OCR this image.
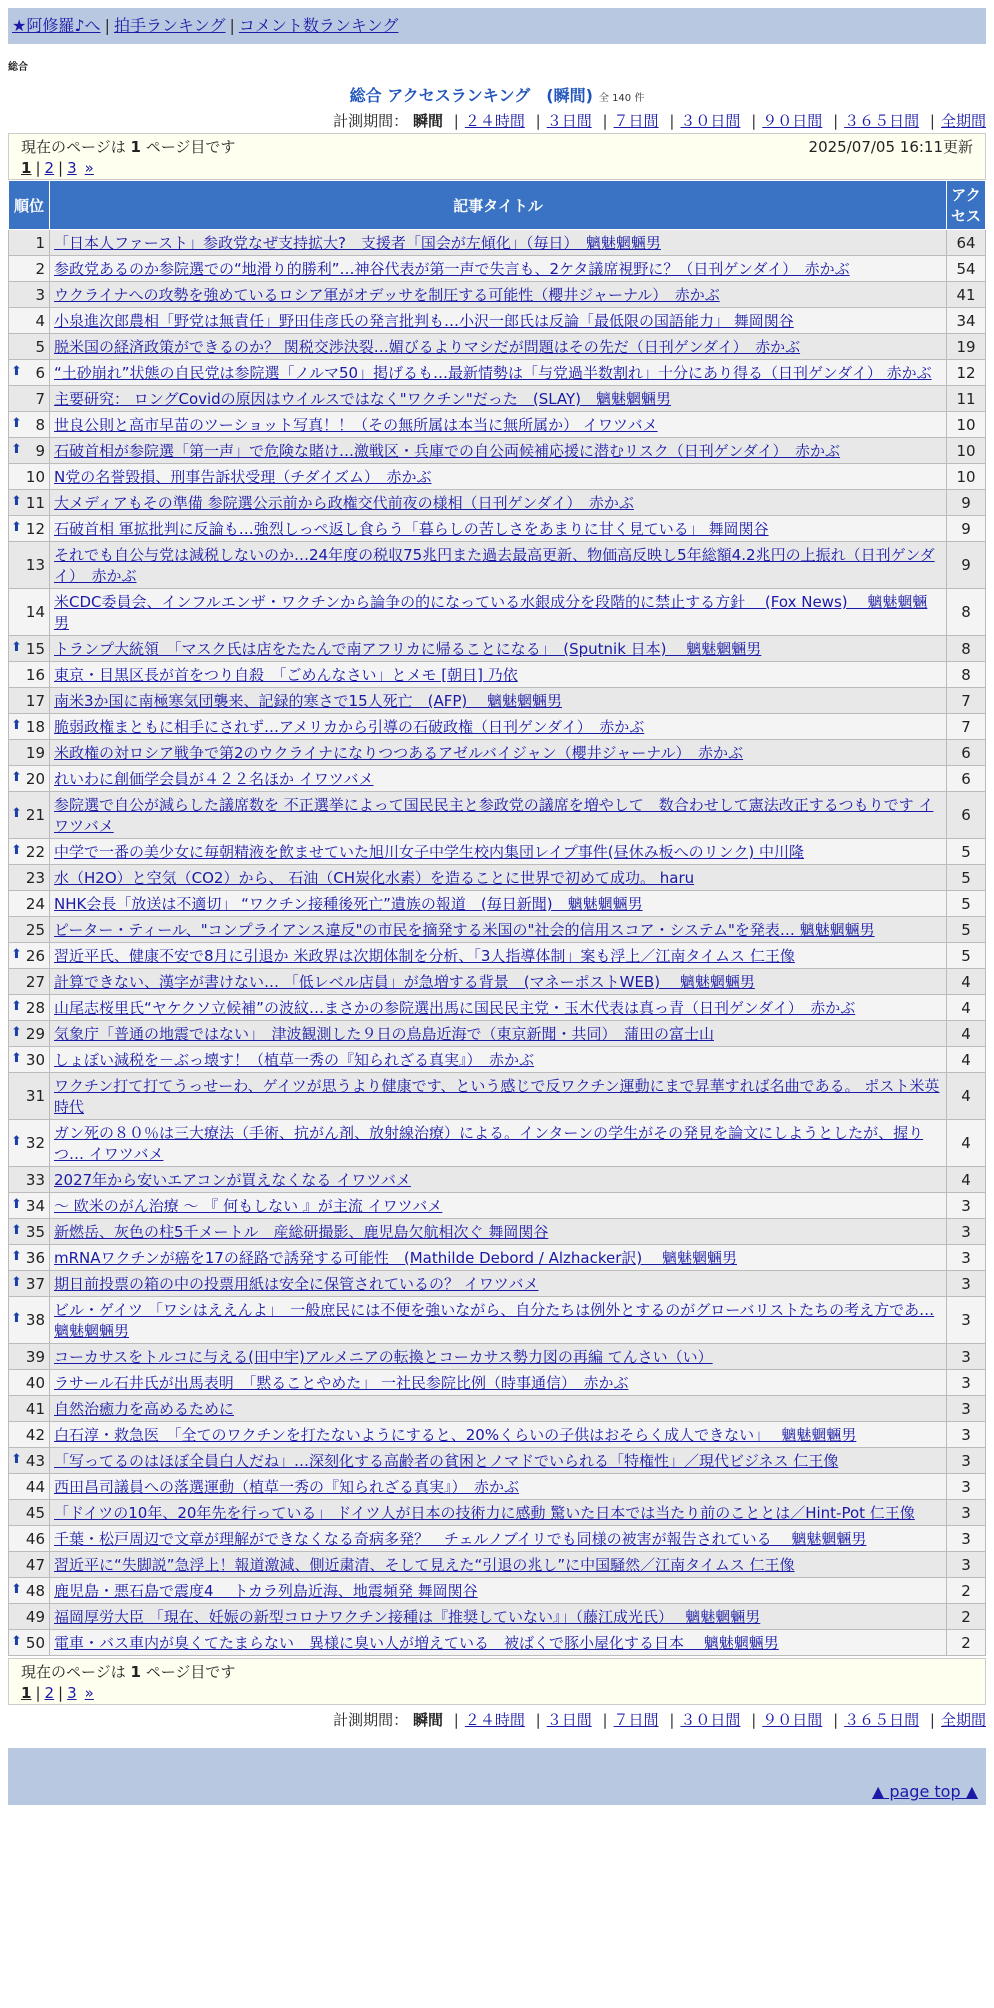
★阿修羅♪へ | 拍手ランキング | コメント数ランキング
総合
総合 アクセスランキング　(瞬間) 全 140 件
計測期間： 瞬間 | ２４時間 | ３日間 | ７日間 | ３０日間 | ９０日間 | ３６５日間 | 全期間
現在のページは 1 ページ目です	2025/07/05 16:11更新
1 | 2 | 3 »
順位	記事タイトル	アクセス
1	「日本人ファースト」参政党なぜ支持拡大?　支援者「国会が左傾化」（毎日）　魑魅魍魎男	64
2	参政党あるのか参院選での“地滑り的勝利”…神谷代表が第一声で失言も、2ケタ議席視野に？（日刊ゲンダイ）　赤かぶ	54
3	ウクライナへの攻勢を強めているロシア軍がオデッサを制圧する可能性（櫻井ジャーナル）　赤かぶ	41
4	小泉進次郎農相「野党は無責任」野田佳彦氏の発言批判も…小沢一郎氏は反論「最低限の国語能力」 舞岡関谷	34
5	脱米国の経済政策ができるのか？ 関税交渉決裂…媚びるよりマシだが問題はその先だ（日刊ゲンダイ）　赤かぶ	19

⬆ 6	“土砂崩れ”状態の自民党は参院選「ノルマ50」掲げるも…最新情勢は「与党過半数割れ」十分にあり得る（日刊ゲンダイ） 赤かぶ	12
7	主要研究： ロングCovidの原因はウイルスではなく"ワクチン"だった　(SLAY)　魑魅魍魎男	11

⬆ 8	世良公則と高市早苗のツーショット写真！！（その無所属は本当に無所属か） イワツバメ	10

⬆ 9	石破首相が参院選「第一声」で危険な賭け…激戦区・兵庫での自公両候補応援に潜むリスク（日刊ゲンダイ）　赤かぶ	10
10	N党の名誉毀損、刑事告訴状受理（チダイズム）　赤かぶ	10

⬆ 11	大メディアもその準備 参院選公示前から政権交代前夜の様相（日刊ゲンダイ）　赤かぶ	9

⬆ 12	石破首相 軍拡批判に反論も…強烈しっぺ返し食らう「暮らしの苦しさをあまりに甘く見ている」 舞岡関谷	9
13	それでも自公与党は減税しないのか…24年度の税収75兆円また過去最高更新、物価高反映し5年総額4.2兆円の上振れ（日刊ゲンダイ）　赤かぶ	9
14	米CDC委員会、インフルエンザ・ワクチンから論争の的になっている水銀成分を段階的に禁止する方針　 (Fox News) 　魑魅魍魎男	8

⬆ 15	トランプ大統領　「マスク氏は店をたたんで南アフリカに帰ることになる」　(Sputnik 日本)　 魑魅魍魎男	8
16	東京・目黒区長が首をつり自殺　「ごめんなさい」とメモ [朝日] 乃依	8
17	南米3か国に南極寒気団襲来、記録的寒さで15人死亡　(AFP)　 魑魅魍魎男	7

⬆ 18	脆弱政権まともに相手にされず…アメリカから引導の石破政権（日刊ゲンダイ）　赤かぶ	7
19	米政権の対ロシア戦争で第2のウクライナになりつつあるアゼルバイジャン（櫻井ジャーナル）　赤かぶ	6

⬆ 20	れいわに創価学会員が４２２名ほか イワツバメ	6

⬆ 21	参院選で自公が減らした議席数を 不正選挙によって国民民主と参政党の議席を増やして　数合わせして憲法改正するつもりです イワツバメ	6

⬆ 22	中学で一番の美少女に毎朝精液を飲ませていた旭川女子中学生校内集団レイプ事件(昼休み板へのリンク) 中川隆	5
23	水（H2O）と空気（CO2）から、 石油（CH炭化水素）を造ることに世界で初めて成功。 haru	5
24	NHK会長「放送は不適切」 “ワクチン接種後死亡”遺族の報道　(毎日新聞)　魑魅魍魎男	5
25	ピーター・ティール、"コンプライアンス違反"の市民を摘発する米国の"社会的信用スコア・システム"を発表… 魑魅魍魎男	5

⬆ 26	習近平氏、健康不安で8月に引退か 米政界は次期体制を分析、「3人指導体制」案も浮上／江南タイムス 仁王像	5
27	計算できない、漢字が書けない… 「低レベル店員」が急増する背景　(マネーポストWEB)　 魑魅魍魎男	4

⬆ 28	山尾志桜里氏“ヤケクソ立候補”の波紋…まさかの参院選出馬に国民民主党・玉木代表は真っ青（日刊ゲンダイ）　赤かぶ	4

⬆ 29	気象庁「普通の地震ではない」　津波観測した９日の鳥島近海で（東京新聞・共同）　蒲田の富士山	4

⬆ 30	しょぼい減税を－ぶっ壊す！（植草一秀の『知られざる真実』）　赤かぶ	4
31	ワクチン打て打てうっせーわ、ゲイツが思うより健康です、という感じで反ワクチン運動にまで昇華すれば名曲である。 ポスト米英時代	4

⬆ 32	ガン死の８０％は三大療法（手術、抗がん剤、放射線治療）による。インターンの学生がその発見を論文にしようとしたが、握りつ… イワツバメ	4
33	2027年から安いエアコンが買えなくなる イワツバメ	4

⬆ 34	～ 欧米のがん治療 ～ 『 何もしない 』が主流 イワツバメ	3

⬆ 35	新燃岳、灰色の柱5千メートル　産総研撮影、鹿児島欠航相次ぐ 舞岡関谷	3

⬆ 36	mRNAワクチンが癌を17の経路で誘発する可能性　(Mathilde Debord / Alzhacker訳)　 魑魅魍魎男	3

⬆ 37	期日前投票の箱の中の投票用紙は安全に保管されているの？ イワツバメ	3

⬆ 38	ビル・ゲイツ 「ワシはええんよ」　一般庶民には不便を強いながら、自分たちは例外とするのがグローバリストたちの考え方であ… 魑魅魍魎男	3
39	コーカサスをトルコに与える(田中宇)アルメニアの転換とコーカサス勢力図の再編 てんさい（い）	3
40	ラサール石井氏が出馬表明　「黙ることやめた」 一社民参院比例（時事通信）　赤かぶ	3
41	自然治癒力を高めるために	3
42	白石淳・救急医　「全てのワクチンを打たないようにすると、20%くらいの子供はおそらく成人できない」　 魑魅魍魎男	3

⬆ 43	「写ってるのはほぼ全員白人だね」…深刻化する高齢者の貧困とノマドでいられる「特権性」／現代ビジネス 仁王像	3
44	西田昌司議員への落選運動（植草一秀の『知られざる真実』）　赤かぶ	3
45	「ドイツの10年、20年先を行っている」 ドイツ人が日本の技術力に感動 驚いた日本では当たり前のこととは／Hint-Pot 仁王像	3
46	千葉・松戸周辺で文章が理解ができなくなる奇病多発？　チェルノブイリでも同様の被害が報告されている　 魑魅魍魎男	3
47	習近平に“失脚説”急浮上！報道激減、側近粛清、そして見えた“引退の兆し”に中国騒然／江南タイムス 仁王像	3

⬆ 48	鹿児島・悪石島で震度4　 トカラ列島近海、地震頻発 舞岡関谷	2
49	福岡厚労大臣 「現在、妊娠の新型コロナワクチン接種は『推奨していない』」（藤江成光氏）　 魑魅魍魎男	2

⬆ 50	電車・バス車内が臭くてたまらない　異様に臭い人が増えている　被ばくで豚小屋化する日本　 魑魅魍魎男	2
現在のページは 1 ページ目です
1 | 2 | 3 »
計測期間： 瞬間 | ２４時間 | ３日間 | ７日間 | ３０日間 | ９０日間 | ３６５日間 | 全期間
▲ page top ▲
